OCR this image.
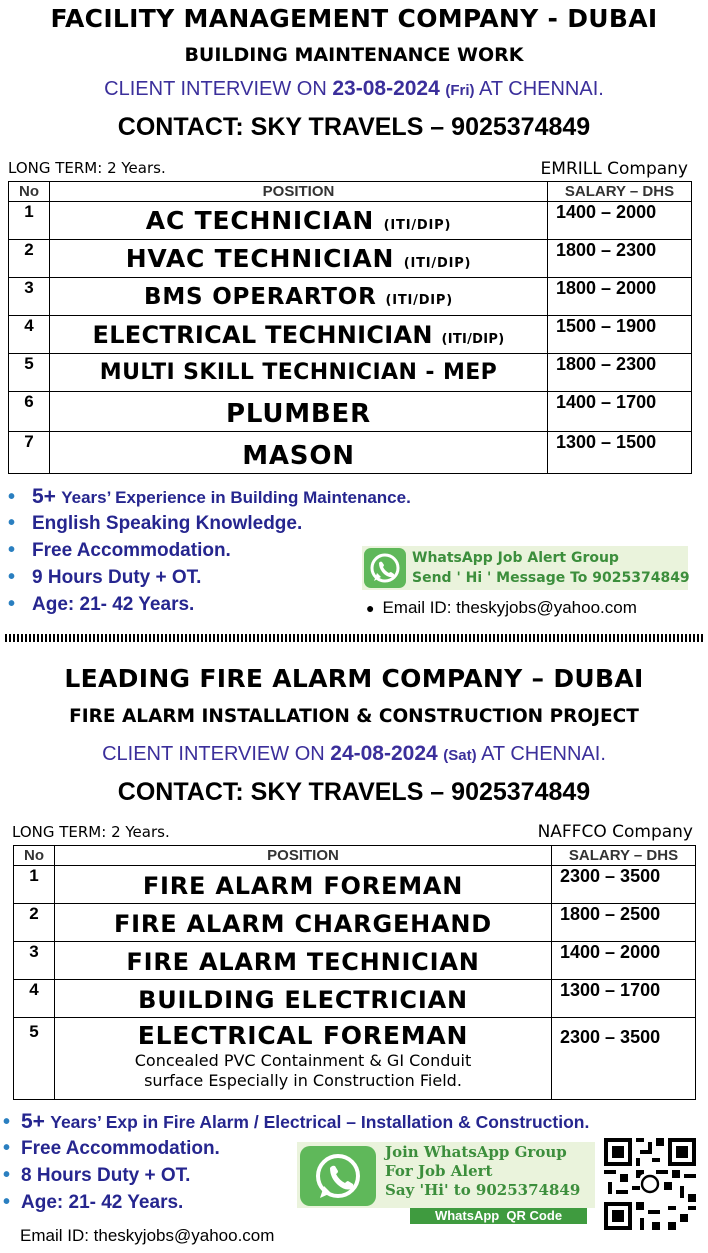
FACILITY MANAGEMENT COMPANY - DUBAI
BUILDING MAINTENANCE WORK
CLIENT INTERVIEW ON 23-08-2024 (Fri) AT CHENNAI.
CONTACT: SKY TRAVELS – 9025374849
LONG TERM: 2 Years.	EMRILL Company
No	POSITION	SALARY – DHS
1	AC TECHNICIAN (ITI/DIP)	1400 – 2000
2	HVAC TECHNICIAN (ITI/DIP)	1800 – 2300
3	BMS OPERARTOR (ITI/DIP)	1800 – 2000
4	ELECTRICAL TECHNICIAN (ITI/DIP)	1500 – 1900
5	MULTI SKILL TECHNICIAN - MEP	1800 – 2300
6	PLUMBER	1400 – 1700
7	MASON	1300 – 1500
• 5+ Years’ Experience in Building Maintenance.
• English Speaking Knowledge.
• Free Accommodation.
• 9 Hours Duty + OT.
• Age: 21- 42 Years.
WhatsApp Job Alert Group
Send ' Hi ' Message To 9025374849
● Email ID: theskyjobs@yahoo.com
LEADING FIRE ALARM COMPANY – DUBAI
FIRE ALARM INSTALLATION & CONSTRUCTION PROJECT
CLIENT INTERVIEW ON 24-08-2024 (Sat) AT CHENNAI.
CONTACT: SKY TRAVELS – 9025374849
LONG TERM: 2 Years.	NAFFCO Company
No	POSITION	SALARY – DHS
1	FIRE ALARM FOREMAN	2300 – 3500
2	FIRE ALARM CHARGEHAND	1800 – 2500
3	FIRE ALARM TECHNICIAN	1400 – 2000
4	BUILDING ELECTRICIAN	1300 – 1700
5	ELECTRICAL FOREMAN
Concealed PVC Containment & GI Conduit
surface Especially in Construction Field.	2300 – 3500
• 5+ Years’ Exp in Fire Alarm / Electrical – Installation & Construction.
• Free Accommodation.
• 8 Hours Duty + OT.
• Age: 21- 42 Years.
Email ID: theskyjobs@yahoo.com
Join WhatsApp Group
For Job Alert
Say 'Hi' to 9025374849
WhatsApp  QR Code
